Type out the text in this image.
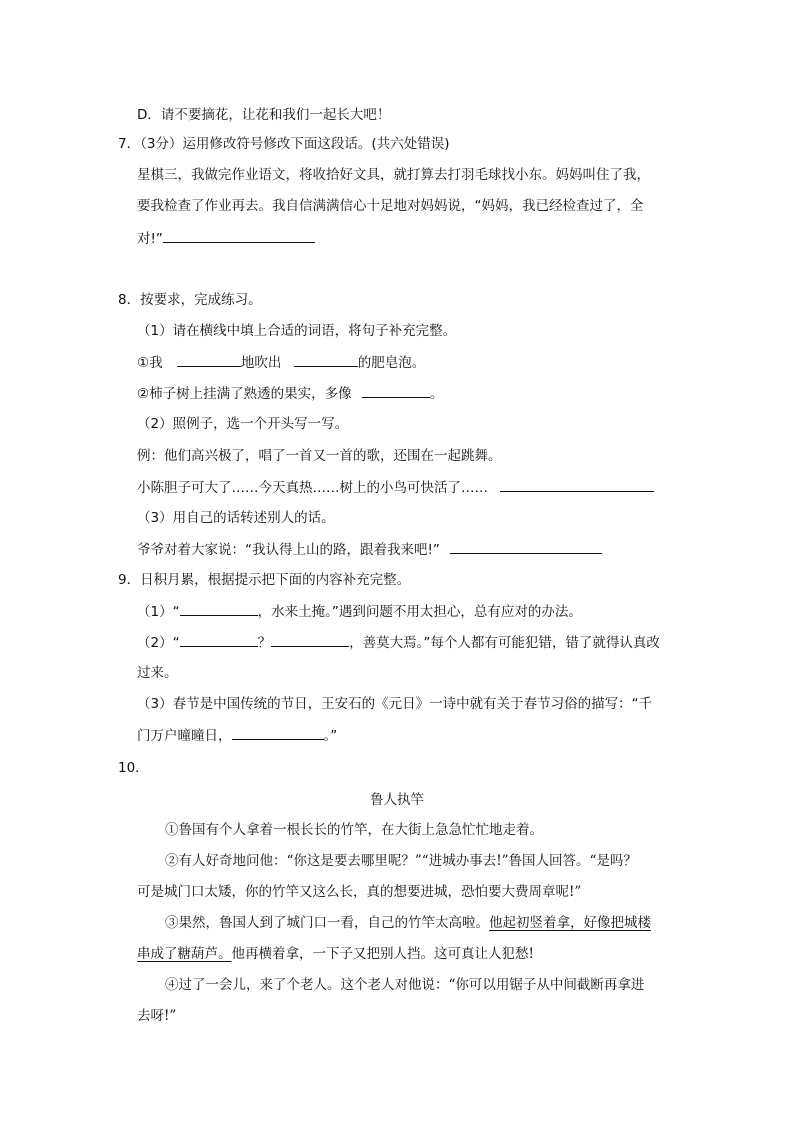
D．请不要摘花，让花和我们一起长大吧！
7．（3分）运用修改符号修改下面这段话。(共六处错误)
星棋三，我做完作业语文，将收拾好文具，就打算去打羽毛球找小东。妈妈叫住了我，
要我检查了作业再去。我自信满满信心十足地对妈妈说，“妈妈，我已经检查过了，全
对!”
8．按要求，完成练习。
（1）请在横线中填上合适的词语，将句子补充完整。
①我	地吹出	的肥皂泡。
②柿子树上挂满了熟透的果实，多像	。
（2）照例子，选一个开头写一写。
例：他们高兴极了，唱了一首又一首的歌，还围在一起跳舞。
小陈胆子可大了……今天真热……树上的小鸟可快活了……
（3）用自己的话转述别人的话。
爷爷对着大家说：“我认得上山的路，跟着我来吧!”
9．日积月累，根据提示把下面的内容补充完整。
（1）“	，水来土掩。”遇到问题不用太担心，总有应对的办法。
（2）“	？	，善莫大焉。”每个人都有可能犯错，错了就得认真改
过来。
（3）春节是中国传统的节日，王安石的《元日》一诗中就有关于春节习俗的描写：“千
门万户曈曈日，	。”
10．
鲁人执竿
①鲁国有个人拿着一根长长的竹竿，在大街上急急忙忙地走着。
②有人好奇地问他：“你这是要去哪里呢？”“进城办事去!”鲁国人回答。“是吗？
可是城门口太矮，你的竹竿又这么长，真的想要进城，恐怕要大费周章呢!”
③果然，鲁国人到了城门口一看，自己的竹竿太高啦。他起初竖着拿，好像把城楼
串成了糖葫芦。他再横着拿，一下子又把别人挡。这可真让人犯愁!
④过了一会儿，来了个老人。这个老人对他说：“你可以用锯子从中间截断再拿进
去呀!”
